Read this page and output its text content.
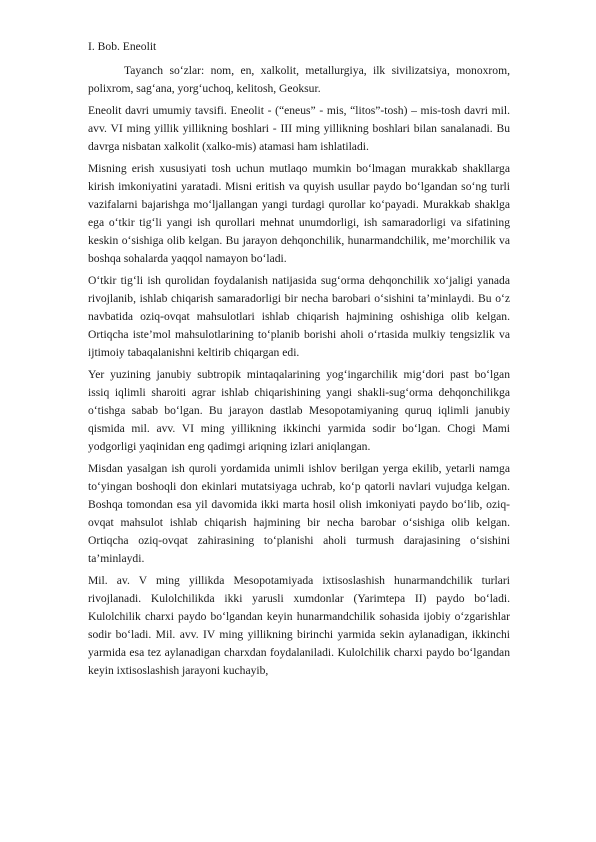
I. Bob. Eneolit

Tayanch so‘zlar: nom, en, xalkolit, metallurgiya, ilk sivilizatsiya, monoxrom, polixrom, sag‘ana, yorg‘uchoq, kelitosh, Geoksur.

Eneolit davri umumiy tavsifi. Eneolit - (“eneus” - mis, “litos”-tosh) – mis-tosh davri mil. avv. VI ming yillik yillikning boshlari - III ming yillikning boshlari bilan sanalanadi. Bu davrga nisbatan xalkolit (xalko-mis) atamasi ham ishlatiladi.

Misning erish xususiyati tosh uchun mutlaqo mumkin bo‘lmagan murakkab shakllarga kirish imkoniyatini yaratadi. Misni eritish va quyish usullar paydo bo‘lgandan so‘ng turli vazifalarni bajarishga mo‘ljallangan yangi turdagi qurollar ko‘payadi. Murakkab shaklga ega o‘tkir tig‘li yangi ish qurollari mehnat unumdorligi, ish samaradorligi va sifatining keskin o‘sishiga olib kelgan. Bu jarayon dehqonchilik, hunarmandchilik, me’morchilik va boshqa sohalarda yaqqol namayon bo‘ladi.

O‘tkir tig‘li ish qurolidan foydalanish natijasida sug‘orma dehqonchilik xo‘jaligi yanada rivojlanib, ishlab chiqarish samaradorligi bir necha barobari o‘sishini ta’minlaydi. Bu o‘z navbatida oziq-ovqat mahsulotlari ishlab chiqarish hajmining oshishiga olib kelgan. Ortiqcha iste’mol mahsulotlarining to‘planib borishi aholi o‘rtasida mulkiy tengsizlik va ijtimoiy tabaqalanishni keltirib chiqargan edi.

Yer yuzining janubiy subtropik mintaqalarining yog‘ingarchilik mig‘dori past bo‘lgan issiq iqlimli sharoiti agrar ishlab chiqarishining yangi shakli-sug‘orma dehqonchilikga o‘tishga sabab bo‘lgan. Bu jarayon dastlab Mesopotamiyaning quruq iqlimli janubiy qismida mil. avv. VI ming yillikning ikkinchi yarmida sodir bo‘lgan. Chogi Mami yodgorligi yaqinidan eng qadimgi ariqning izlari aniqlangan.

Misdan yasalgan ish quroli yordamida unimli ishlov berilgan yerga ekilib, yetarli namga to‘yingan boshoqli don ekinlari mutatsiyaga uchrab, ko‘p qatorli navlari vujudga kelgan. Boshqa tomondan esa yil davomida ikki marta hosil olish imkoniyati paydo bo‘lib, oziq-ovqat mahsulot ishlab chiqarish hajmining bir necha barobar o‘sishiga olib kelgan. Ortiqcha oziq-ovqat zahirasining to‘planishi aholi turmush darajasining o‘sishini ta’minlaydi.

Mil. av. V ming yillikda Mesopotamiyada ixtisoslashish hunarmandchilik turlari rivojlanadi. Kulolchilikda ikki yarusli xumdonlar (Yarimtepa II) paydo bo‘ladi. Kulolchilik charxi paydo bo‘lgandan keyin hunarmandchilik sohasida ijobiy o‘zgarishlar sodir bo‘ladi. Mil. avv. IV ming yillikning birinchi yarmida sekin aylanadigan, ikkinchi yarmida esa tez aylanadigan charxdan foydalaniladi. Kulolchilik charxi paydo bo‘lgandan keyin ixtisoslashish jarayoni kuchayib,
